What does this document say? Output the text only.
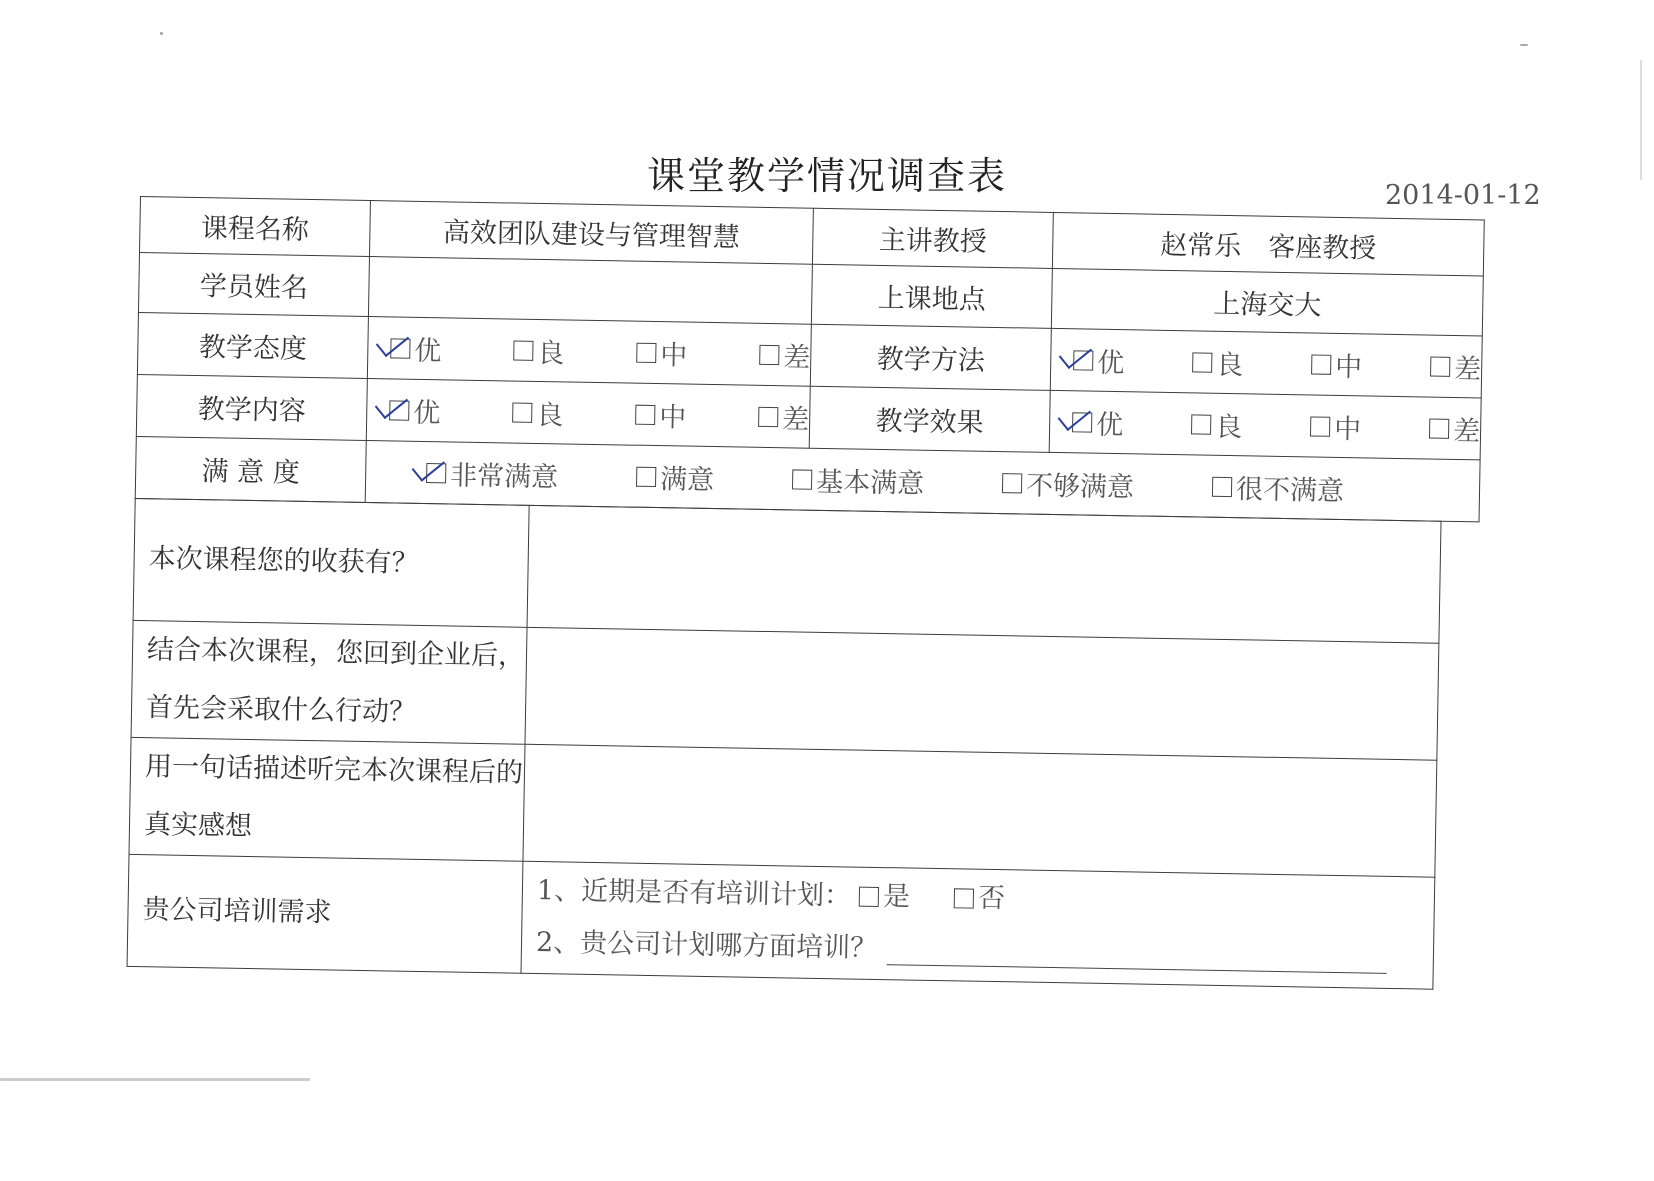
课堂教学情况调查表	2014-01-12
课程名称	高效团队建设与管理智慧	主讲教授	赵常乐　客座教授
学员姓名		上课地点	上海交大
教学态度	优 良 中 差	教学方法	优 良 中 差

教学内容	优 良 中 差	教学效果	优 良 中 差

满 意 度	非常满意 满意 基本满意 不够满意 很不满意		
本次课程您的收获有？	
结合本次课程，您回到企业后，首先会采取什么行动？	
用一句话描述听完本次课程后的真实感想	
贵公司培训需求	1、近期是否有培训计划： 是 否
2、贵公司计划哪方面培训？
